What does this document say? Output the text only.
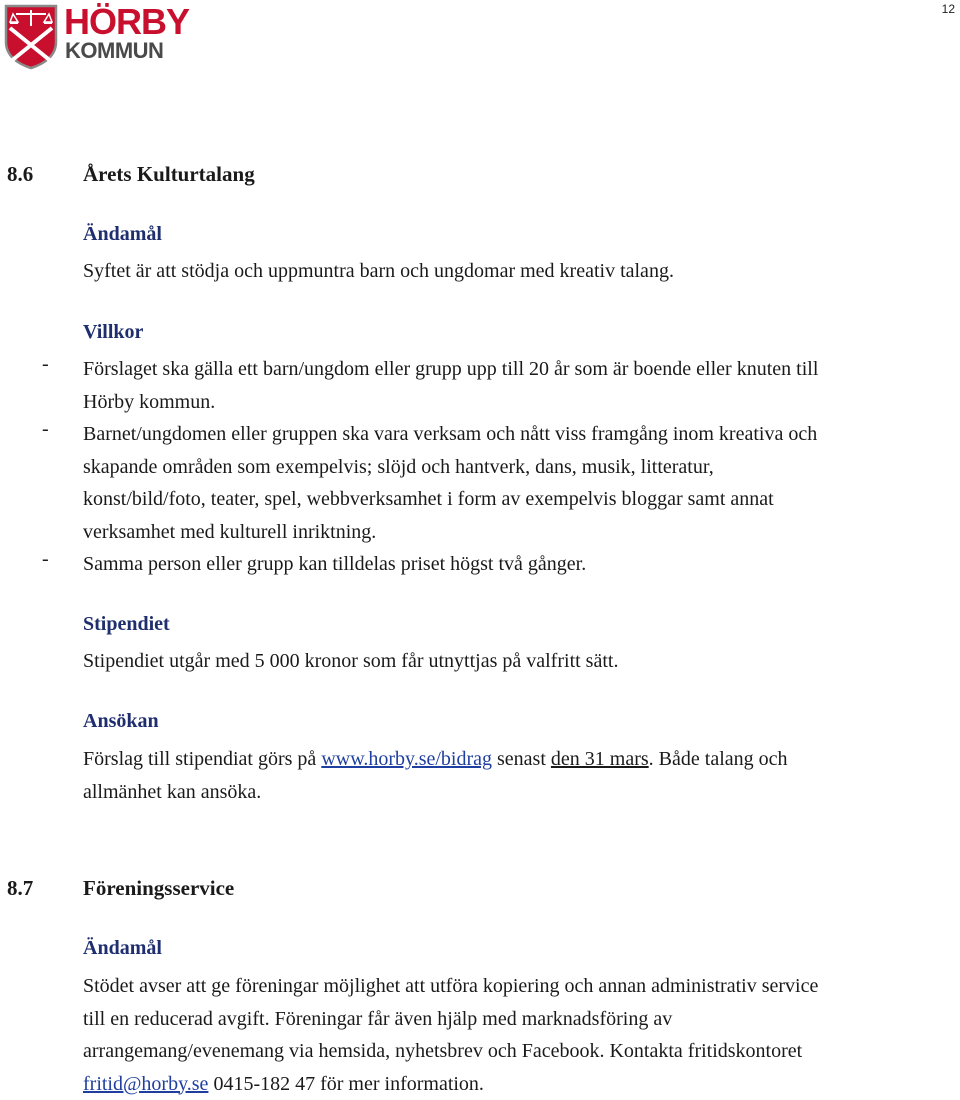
12
HÖRBY
KOMMUN
8.6 Årets Kulturtalang
Ändamål
Syftet är att stödja och uppmuntra barn och ungdomar med kreativ talang.
Villkor
- Förslaget ska gälla ett barn/ungdom eller grupp upp till 20 år som är boende eller knuten till
Hörby kommun.
- Barnet/ungdomen eller gruppen ska vara verksam och nått viss framgång inom kreativa och
skapande områden som exempelvis; slöjd och hantverk, dans, musik, litteratur,
konst/bild/foto, teater, spel, webbverksamhet i form av exempelvis bloggar samt annat
verksamhet med kulturell inriktning.
- Samma person eller grupp kan tilldelas priset högst två gånger.
Stipendiet
Stipendiet utgår med 5 000 kronor som får utnyttjas på valfritt sätt.
Ansökan
Förslag till stipendiat görs på www.horby.se/bidrag senast den 31 mars. Både talang och
allmänhet kan ansöka.
8.7 Föreningsservice
Ändamål
Stödet avser att ge föreningar möjlighet att utföra kopiering och annan administrativ service
till en reducerad avgift. Föreningar får även hjälp med marknadsföring av
arrangemang/evenemang via hemsida, nyhetsbrev och Facebook. Kontakta fritidskontoret
fritid@horby.se 0415-182 47 för mer information.
